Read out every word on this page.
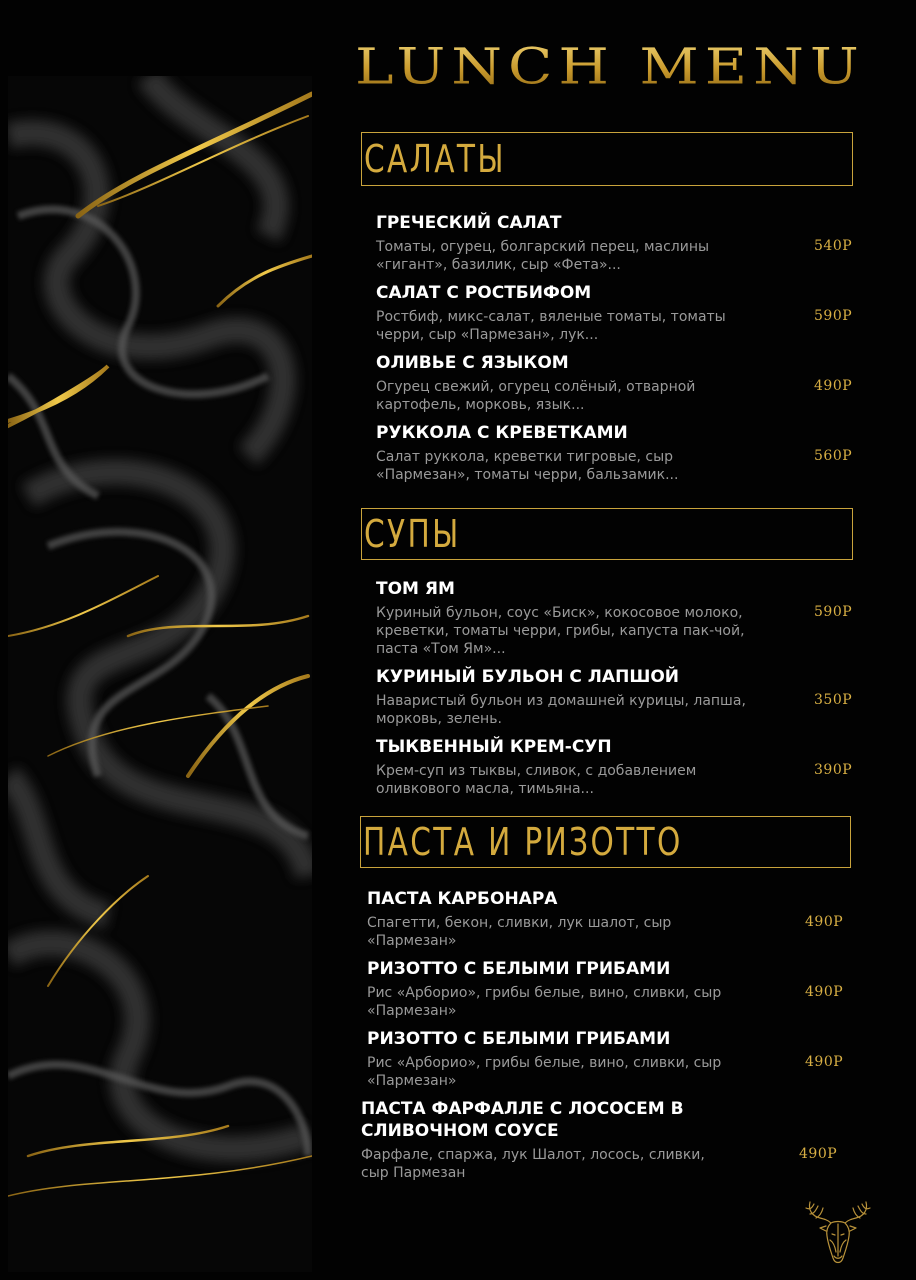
LUNCH MENU
САЛАТЫ
ГРЕЧЕСКИЙ САЛАТ
Томаты, огурец, болгарский перец, маслины «гигант», базилик, сыр «Фета»...
540Р
САЛАТ С РОСТБИФОМ
Ростбиф, микс-салат, вяленые томаты, томаты черри, сыр «Пармезан», лук...
590Р
ОЛИВЬЕ С ЯЗЫКОМ
Огурец свежий, огурец солёный, отварной картофель, морковь, язык...
490Р
РУККОЛА С КРЕВЕТКАМИ
Салат руккола, креветки тигровые, сыр «Пармезан», томаты черри, бальзамик...
560Р
СУПЫ
ТОМ ЯМ
Куриный бульон, соус «Биск», кокосовое молоко, креветки, томаты черри, грибы, капуста пак-чой, паста «Том Ям»...
590Р
КУРИНЫЙ БУЛЬОН С ЛАПШОЙ
Наваристый бульон из домашней курицы, лапша, морковь, зелень.
350Р
ТЫКВЕННЫЙ КРЕМ-СУП
Крем-суп из тыквы, сливок, с добавлением оливкового масла, тимьяна...
390Р
ПАСТА И РИЗОТТО
ПАСТА КАРБОНАРА
Спагетти, бекон, сливки, лук шалот, сыр «Пармезан»
490Р
РИЗОТТО С БЕЛЫМИ ГРИБАМИ
Рис «Арборио», грибы белые, вино, сливки, сыр «Пармезан»
490Р
РИЗОТТО С БЕЛЫМИ ГРИБАМИ
Рис «Арборио», грибы белые, вино, сливки, сыр «Пармезан»
490Р
ПАСТА ФАРФАЛЛЕ С ЛОСОСЕМ В СЛИВОЧНОМ СОУСЕ
Фарфале, спаржа, лук Шалот, лосось, сливки, сыр Пармезан
490Р
